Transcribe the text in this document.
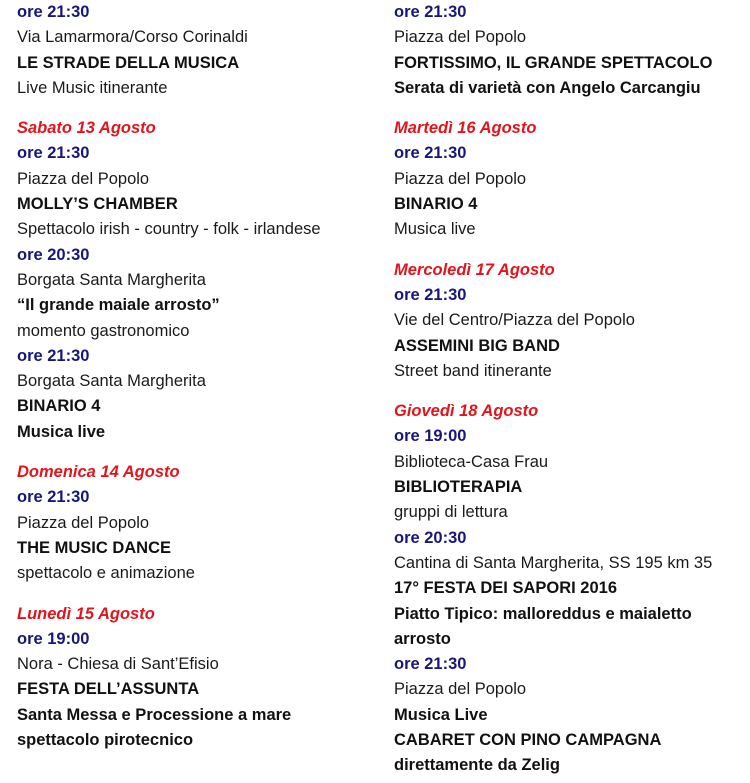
ore 21:30
Via Lamarmora/Corso Corinaldi
LE STRADE DELLA MUSICA
Live Music itinerante
Sabato 13 Agosto
ore 21:30
Piazza del Popolo
MOLLY’S CHAMBER
Spettacolo irish - country - folk - irlandese
ore 20:30
Borgata Santa Margherita
“Il grande maiale arrosto”
momento gastronomico
ore 21:30
Borgata Santa Margherita
BINARIO 4
Musica live
Domenica 14 Agosto
ore 21:30
Piazza del Popolo
THE MUSIC DANCE
spettacolo e animazione
Lunedì 15 Agosto
ore 19:00
Nora - Chiesa di Sant’Efisio
FESTA DELL’ASSUNTA
Santa Messa e Processione a mare
spettacolo pirotecnico
ore 21:30
Piazza del Popolo
FORTISSIMO, IL GRANDE SPETTACOLO
Serata di varietà con Angelo Carcangiu
Martedì 16 Agosto
ore 21:30
Piazza del Popolo
BINARIO 4
Musica live
Mercoledì 17 Agosto
ore 21:30
Vie del Centro/Piazza del Popolo
ASSEMINI BIG BAND
Street band itinerante
Giovedì 18 Agosto
ore 19:00
Biblioteca-Casa Frau
BIBLIOTERAPIA
gruppi di lettura
ore 20:30
Cantina di Santa Margherita, SS 195 km 35
17° FESTA DEI SAPORI 2016
Piatto Tipico: malloreddus e maialetto
arrosto
ore 21:30
Piazza del Popolo
Musica Live
CABARET CON PINO CAMPAGNA
direttamente da Zelig
